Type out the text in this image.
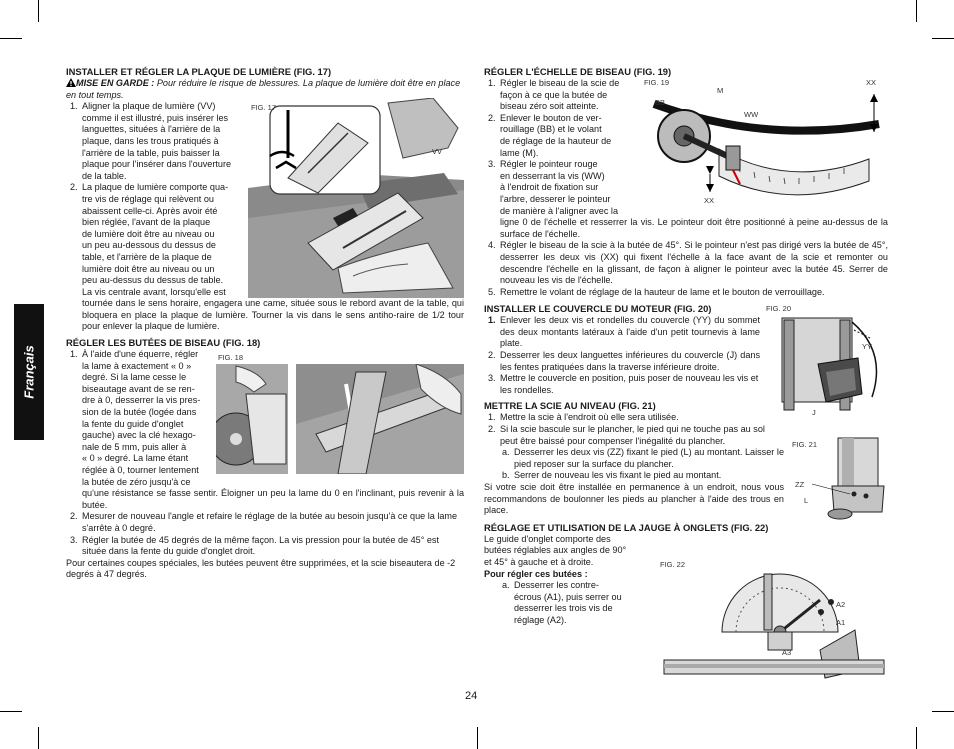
Français
INSTALLER ET RÉGLER LA PLAQUE DE LUMIÈRE (FIG. 17)

MISE EN GARDE : Pour réduire le risque de blessures. La plaque de lumière doit être en place en tout temps.

1. Aligner la plaque de lumière (VV)

comme il est illustré, puis insérer les

languettes, situées à l'arrière de la

plaque, dans les trous pratiqués à

l'arrière de la table, puis baisser la

plaque pour l'insérer dans l'ouverture

de la table.

2. La plaque de lumière comporte qua-

tre vis de réglage qui relèvent ou

abaissent celle-ci. Après avoir été

bien réglée, l'avant de la plaque

de lumière doit être au niveau ou

un peu au-dessous du dessus de

table, et l'arrière de la plaque de

lumière doit être au niveau ou un

peu au-dessus du dessus de table.

La vis centrale avant, lorsqu'elle est

tournée dans le sens horaire, engagera une came, située sous le rebord avant de la table, qui bloquera en place la plaque de lumière. Tourner la vis dans le sens antiho-raire de 1/2 tour pour enlever la plaque de lumière.

RÉGLER LES BUTÉES DE BISEAU (FIG. 18)
1. À l'aide d'une équerre, régler

la lame à exactement « 0 »

degré. Si la lame cesse le

biseautage avant de se ren-

dre à 0, desserrer la vis pres-

sion de la butée (logée dans

la fente du guide d'onglet

gauche) avec la clé hexago-

nale de 5 mm, puis aller à

« 0 » degré. La lame étant

réglée à 0, tourner lentement

la butée de zéro jusqu'à ce

qu'une résistance se fasse sentir. Éloigner un peu la lame du 0 en l'inclinant, puis revenir à la butée.

2. Mesurer de nouveau l'angle et refaire le réglage de la butée au besoin jusqu'à ce que la lame s'arrête à 0 degré.

3. Régler la butée de 45 degrés de la même façon. La vis pression pour la butée de 45° est située dans la fente du guide d'onglet droit.

Pour certaines coupes spéciales, les butées peuvent être supprimées, et la scie biseautera de -2 degrés à 47 degrés.

FIG. 17
VV
FIG. 18
RÉGLER L'ÉCHELLE DE BISEAU (FIG. 19)
1. Régler le biseau de la scie de

façon à ce que la butée de

biseau zéro soit atteinte.

2. Enlever le bouton de ver-

rouillage (BB) et le volant

de réglage de la hauteur de

lame (M).

3. Régler le pointeur rouge

en desserrant la vis (WW)

à l'endroit de fixation sur

l'arbre, desserer le pointeur

de manière à l'aligner avec la

ligne 0 de l'échelle et resserrer la vis. Le pointeur doit être positionné à peine au-dessus de la surface de l'échelle.

4. Régler le biseau de la scie à la butée de 45°. Si le pointeur n'est pas dirigé vers la butée de 45°, desserrer les deux vis (XX) qui fixent l'échelle à la face avant de la scie et remonter ou descendre l'échelle en la glissant, de façon à aligner le pointeur avec la butée 45. Serrer de nouveau les vis de l'échelle.

5. Remettre le volant de réglage de la hauteur de lame et le bouton de verrouillage.

INSTALLER LE COUVERCLE DU MOTEUR (FIG. 20)
1. Enlever les deux vis et rondelles du couvercle (YY) du sommet des deux montants latéraux à l'aide d'un petit tournevis à lame plate.

2. Desserrer les deux languettes inférieures du couvercle (J) dans les fentes pratiquées dans la traverse inférieure droite.

3. Mettre le couvercle en position, puis poser de nouveau les vis et les rondelles.

METTRE LA SCIE AU NIVEAU (FIG. 21)
1. Mettre la scie à l'endroit où elle sera utilisée.

2. Si la scie bascule sur le plancher, le pied qui ne touche pas au sol peut être baissé pour compenser l'inégalité du plancher.

a. Desserrer les deux vis (ZZ) fixant le pied (L) au montant. Laisser le pied reposer sur la surface du plancher.

b. Serrer de nouveau les vis fixant le pied au montant.

Si votre scie doit être installée en permanence à un endroit, nous vous recommandons de boulonner les pieds au plancher à l'aide des trous en place.

RÉGLAGE ET UTILISATION DE LA JAUGE À ONGLETS (FIG. 22)

Le guide d'onglet comporte des

butées réglables aux angles de 90°

et 45° à gauche et à droite.

Pour régler ces butées :

a. Desserrer les contre-

écrous (A1), puis serrer ou

desserrer les trois vis de

réglage (A2).

FIG. 19
M
BB
WW
XX
XX
FIG. 20
YY
J
FIG. 21
ZZ
L
FIG. 22
A2
A1
A3
24
